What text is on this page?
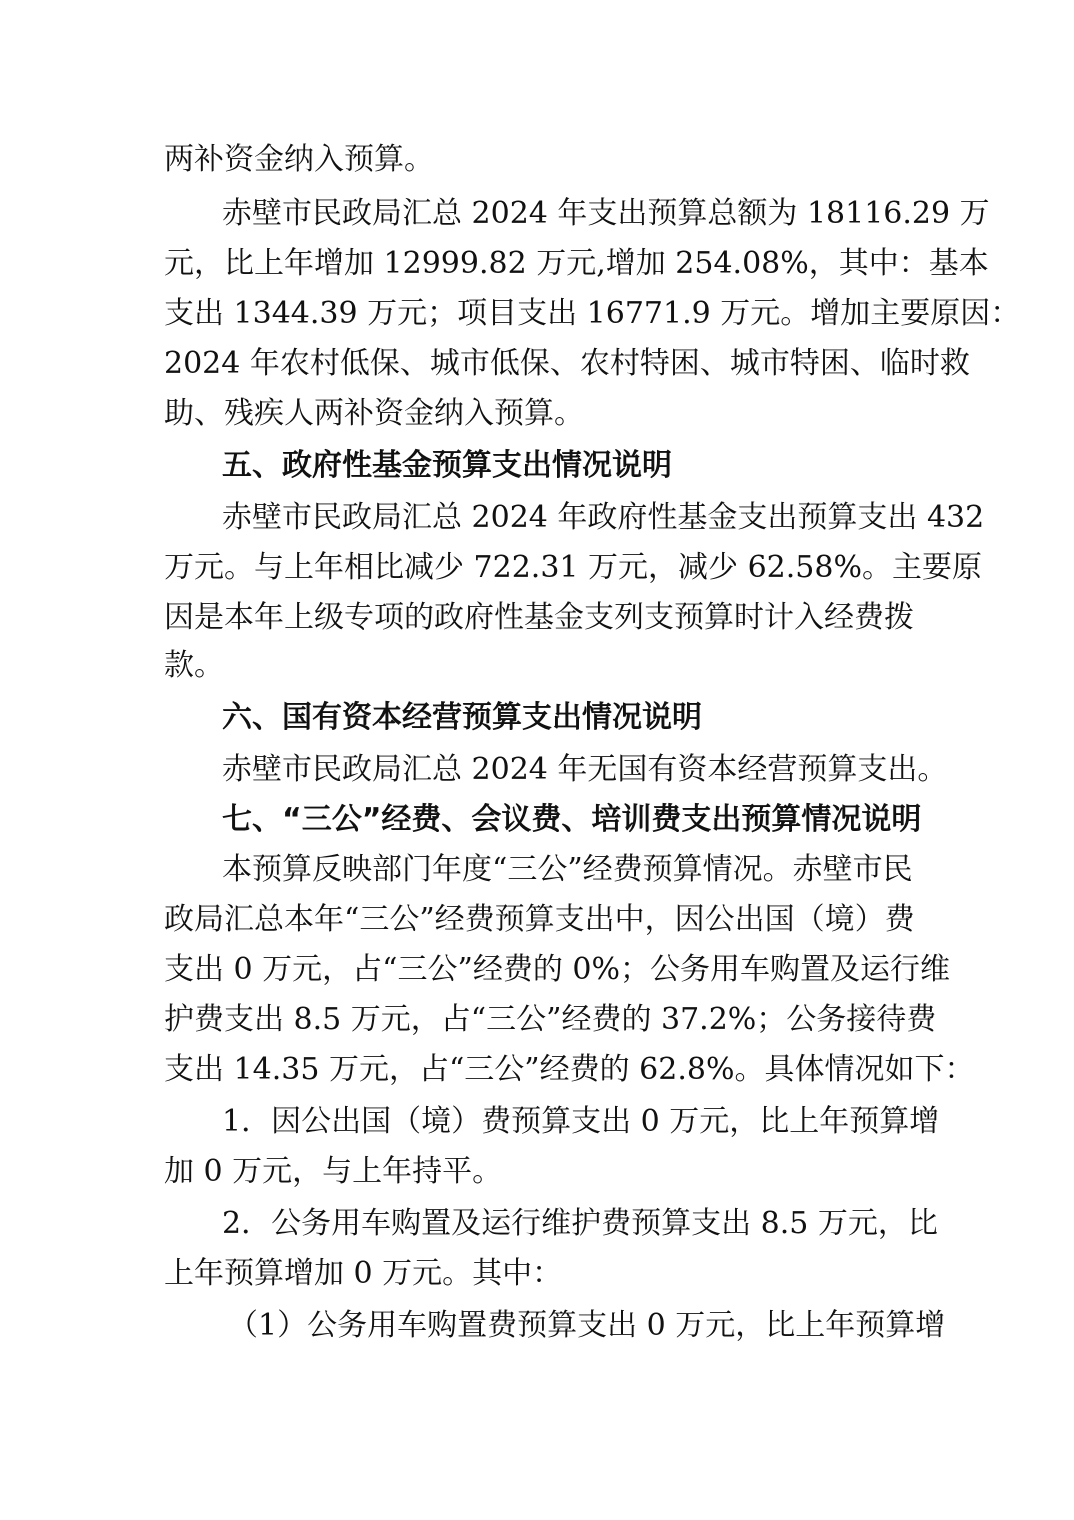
两补资金纳入预算。
赤壁市民政局汇总 2024 年支出预算总额为 18116.29 万
元，比上年增加 12999.82 万元,增加 254.08%，其中：基本
支出 1344.39 万元；项目支出 16771.9 万元。增加主要原因：
2024 年农村低保、城市低保、农村特困、城市特困、临时救
助、残疾人两补资金纳入预算。
五、政府性基金预算支出情况说明
赤壁市民政局汇总 2024 年政府性基金支出预算支出 432
万元。与上年相比减少 722.31 万元，减少 62.58%。主要原
因是本年上级专项的政府性基金支列支预算时计入经费拨
款。
六、国有资本经营预算支出情况说明
赤壁市民政局汇总 2024 年无国有资本经营预算支出。
七、“三公”经费、会议费、培训费支出预算情况说明
本预算反映部门年度“三公”经费预算情况。赤壁市民
政局汇总本年“三公”经费预算支出中，因公出国（境）费
支出 0 万元，占“三公”经费的 0%；公务用车购置及运行维
护费支出 8.5 万元，占“三公”经费的 37.2%；公务接待费
支出 14.35 万元，占“三公”经费的 62.8%。具体情况如下：
1．因公出国（境）费预算支出 0 万元，比上年预算增
加 0 万元，与上年持平。
2．公务用车购置及运行维护费预算支出 8.5 万元，比
上年预算增加 0 万元。其中：
（1）公务用车购置费预算支出 0 万元，比上年预算增
